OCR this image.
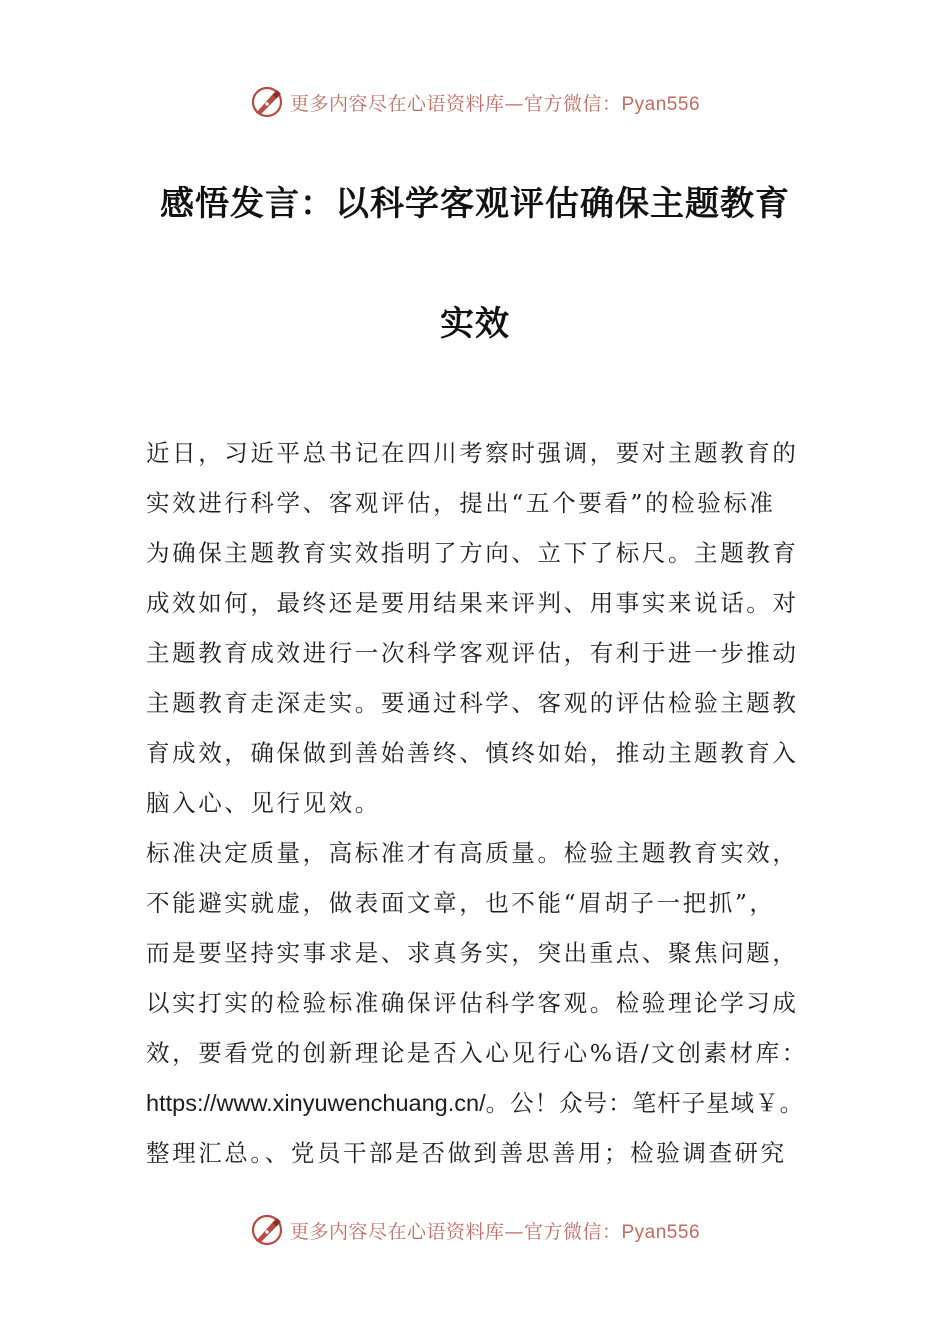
更多内容尽在心语资料库—官方微信：Pyan556
感悟发言：以科学客观评估确保主题教育
实效
近日，习近平总书记在四川考察时强调，要对主题教育的
实效进行科学、客观评估，提出“五个要看”的检验标准
为确保主题教育实效指明了方向、立下了标尺。主题教育
成效如何，最终还是要用结果来评判、用事实来说话。对
主题教育成效进行一次科学客观评估，有利于进一步推动
主题教育走深走实。要通过科学、客观的评估检验主题教
育成效，确保做到善始善终、慎终如始，推动主题教育入
脑入心、见行见效。
标准决定质量，高标准才有高质量。检验主题教育实效，
不能避实就虚，做表面文章，也不能“眉胡子一把抓”，
而是要坚持实事求是、求真务实，突出重点、聚焦问题，
以实打实的检验标准确保评估科学客观。检验理论学习成
效，要看党的创新理论是否入心见行心%语/文创素材库：
https://www.xinyuwenchuang.cn/。公！众号：笔杆子星域￥。
整理汇总。、党员干部是否做到善思善用；检验调查研究
更多内容尽在心语资料库—官方微信：Pyan556
